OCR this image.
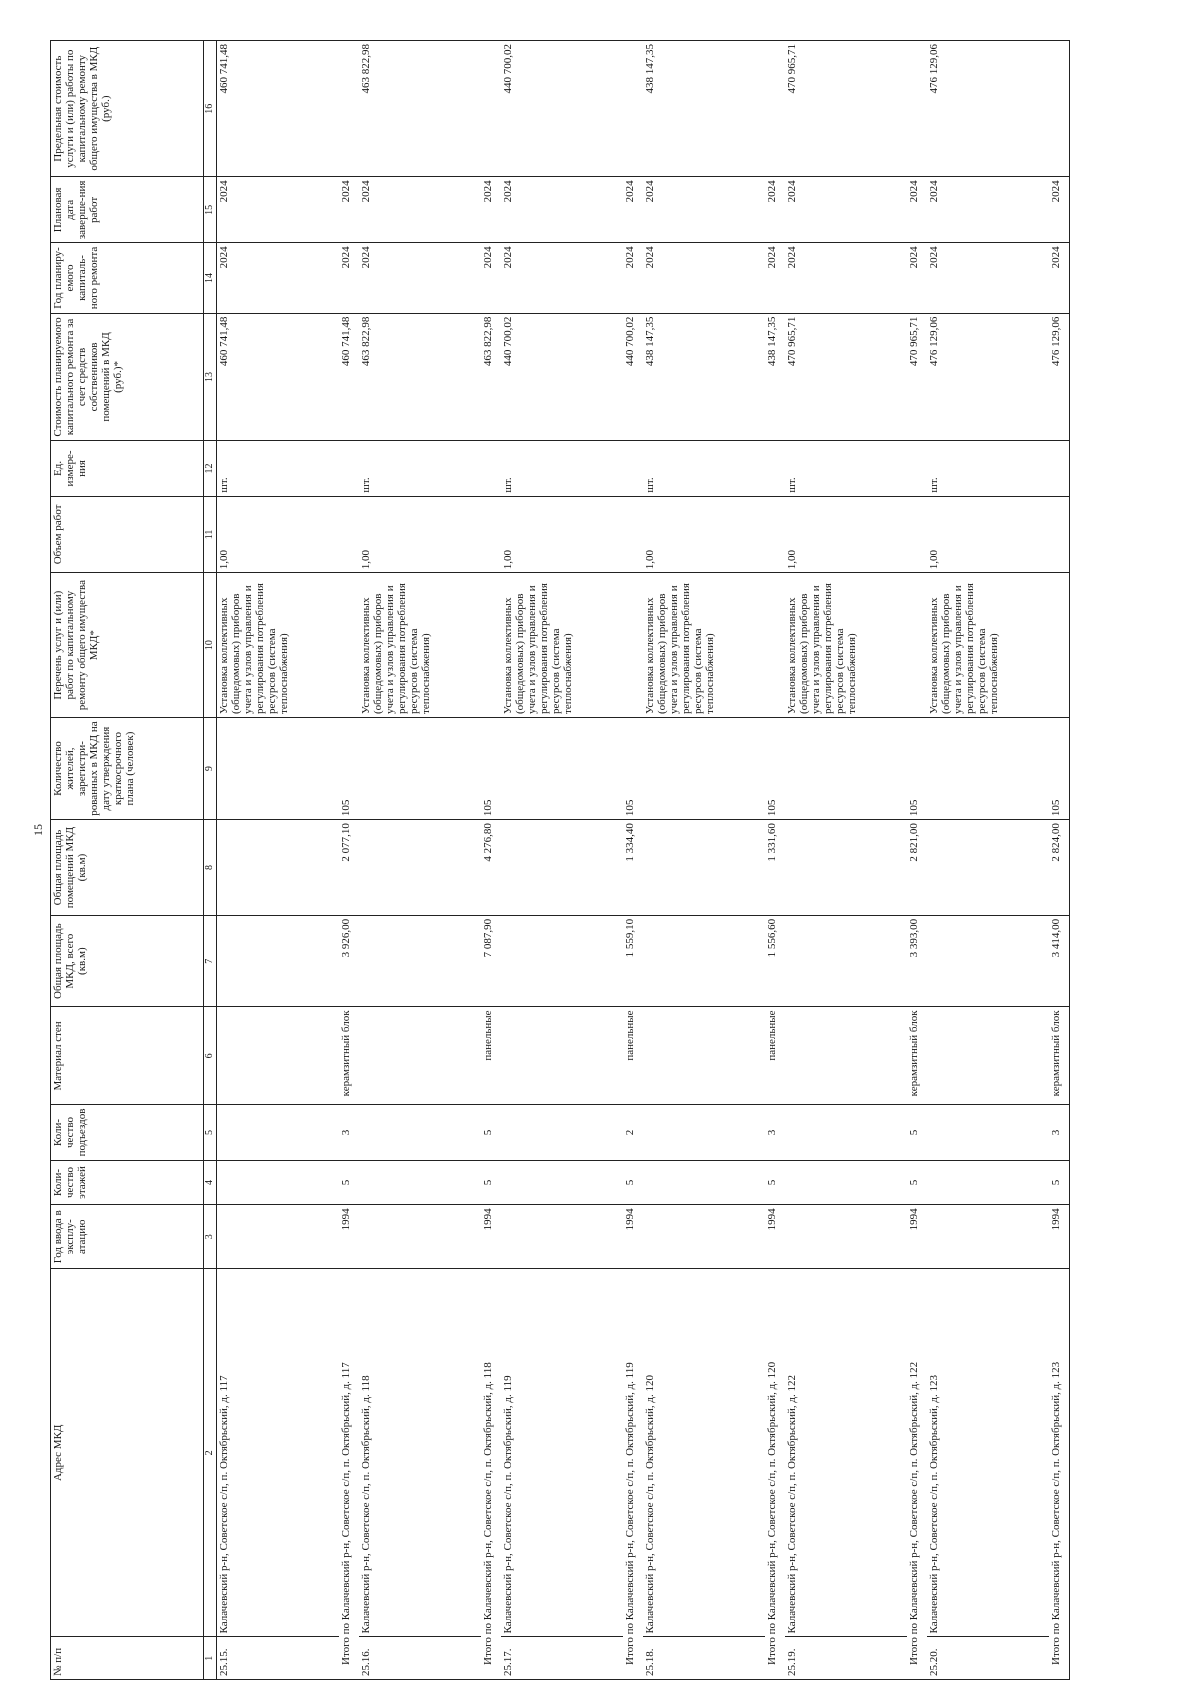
15
№ п/п	Адрес МКД	Год ввода в эксплу-атацию	Коли-чество этажей	Коли-чество подъездов	Материал стен	Общая площадь МКД, всего (кв.м)	Общая площадь помещений МКД (кв.м)	Количество жителей, зарегистри-рованных в МКД на дату утверждения краткосрочного плана (человек)	Перечень услуг и (или) работ по капитальному ремонту общего имущества МКД*	Объем работ	Ед. измере-ния	Стоимость планируемого капитального ремонта за счет средств собственников помещений в МКД (руб.)*	Год планиру-емого капиталь-ного ремонта	Плановая дата заверше-ния работ	Предельная стоимость услуги и (или) работы по капитальному ремонту общего имущества в МКД (руб.)
1	2	3	4	5	6	7	8	9	10	11	12	13	14	15	16
25.15.	Калачевский р-н, Советское с/п, п. Октябрьский, д. 117								Установка коллективных (общедомовых) приборов учета и узлов управления и регулирования потребления ресурсов (система теплоснабжения)	1,00	шт.	460 741,48	2024	2024	460 741,48
Итого по Калачевский р-н, Советское с/п, п. Октябрьский, д. 117		1994	5	3	керамзитный блок	3 926,00	2 077,10	105				460 741,48	2024	2024	
25.16.	Калачевский р-н, Советское с/п, п. Октябрьский, д. 118								Установка коллективных (общедомовых) приборов учета и узлов управления и регулирования потребления ресурсов (система теплоснабжения)	1,00	шт.	463 822,98	2024	2024	463 822,98
Итого по Калачевский р-н, Советское с/п, п. Октябрьский, д. 118		1994	5	5	панельные	7 087,90	4 276,80	105				463 822,98	2024	2024	
25.17.	Калачевский р-н, Советское с/п, п. Октябрьский, д. 119								Установка коллективных (общедомовых) приборов учета и узлов управления и регулирования потребления ресурсов (система теплоснабжения)	1,00	шт.	440 700,02	2024	2024	440 700,02
Итого по Калачевский р-н, Советское с/п, п. Октябрьский, д. 119		1994	5	2	панельные	1 559,10	1 334,40	105				440 700,02	2024	2024	
25.18.	Калачевский р-н, Советское с/п, п. Октябрьский, д. 120								Установка коллективных (общедомовых) приборов учета и узлов управления и регулирования потребления ресурсов (система теплоснабжения)	1,00	шт.	438 147,35	2024	2024	438 147,35
Итого по Калачевский р-н, Советское с/п, п. Октябрьский, д. 120		1994	5	3	панельные	1 556,60	1 331,60	105				438 147,35	2024	2024	
25.19.	Калачевский р-н, Советское с/п, п. Октябрьский, д. 122								Установка коллективных (общедомовых) приборов учета и узлов управления и регулирования потребления ресурсов (система теплоснабжения)	1,00	шт.	470 965,71	2024	2024	470 965,71
Итого по Калачевский р-н, Советское с/п, п. Октябрьский, д. 122		1994	5	5	керамзитный блок	3 393,00	2 821,00	105				470 965,71	2024	2024	
25.20.	Калачевский р-н, Советское с/п, п. Октябрьский, д. 123								Установка коллективных (общедомовых) приборов учета и узлов управления и регулирования потребления ресурсов (система теплоснабжения)	1,00	шт.	476 129,06	2024	2024	476 129,06
Итого по Калачевский р-н, Советское с/п, п. Октябрьский, д. 123		1994	5	3	керамзитный блок	3 414,00	2 824,00	105				476 129,06	2024	2024	
